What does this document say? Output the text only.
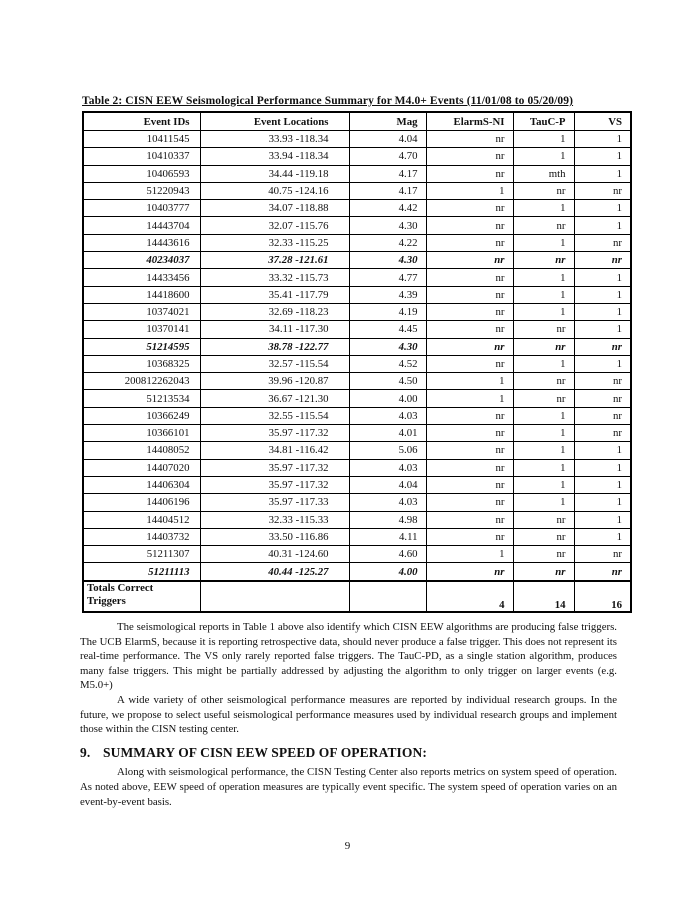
Table 2: CISN EEW Seismological Performance Summary for M4.0+ Events (11/01/08 to 05/20/09)
Event IDs	Event Locations	Mag	ElarmS-NI	TauC-P	VS
10411545	33.93 -118.34	4.04	nr	1	1
10410337	33.94 -118.34	4.70	nr	1	1
10406593	34.44 -119.18	4.17	nr	mth	1
51220943	40.75 -124.16	4.17	1	nr	nr
10403777	34.07 -118.88	4.42	nr	1	1
14443704	32.07 -115.76	4.30	nr	nr	1
14443616	32.33 -115.25	4.22	nr	1	nr
40234037	37.28 -121.61	4.30	nr	nr	nr
14433456	33.32 -115.73	4.77	nr	1	1
14418600	35.41 -117.79	4.39	nr	1	1
10374021	32.69 -118.23	4.19	nr	1	1
10370141	34.11 -117.30	4.45	nr	nr	1
51214595	38.78 -122.77	4.30	nr	nr	nr
10368325	32.57 -115.54	4.52	nr	1	1
200812262043	39.96 -120.87	4.50	1	nr	nr
51213534	36.67 -121.30	4.00	1	nr	nr
10366249	32.55 -115.54	4.03	nr	1	nr
10366101	35.97 -117.32	4.01	nr	1	nr
14408052	34.81 -116.42	5.06	nr	1	1
14407020	35.97 -117.32	4.03	nr	1	1
14406304	35.97 -117.32	4.04	nr	1	1
14406196	35.97 -117.33	4.03	nr	1	1
14404512	32.33 -115.33	4.98	nr	nr	1
14403732	33.50 -116.86	4.11	nr	nr	1
51211307	40.31 -124.60	4.60	1	nr	nr
51211113	40.44 -125.27	4.00	nr	nr	nr
Totals Correct Triggers			4	14	16

The seismological reports in Table 1 above also identify which CISN EEW algorithms are producing false triggers. The UCB ElarmS, because it is reporting retrospective data, should never produce a false trigger. This does not represent its real-time performance. The VS only rarely reported false triggers. The TauC-PD, as a single station algorithm, produces many false triggers. This might be partially addressed by adjusting the algorithm to only trigger on larger events (e.g. M5.0+)

A wide variety of other seismological performance measures are reported by individual research groups. In the future, we propose to select useful seismological performance measures used by individual research groups and implement those within the CISN testing center.

9. SUMMARY OF CISN EEW SPEED OF OPERATION:

Along with seismological performance, the CISN Testing Center also reports metrics on system speed of operation. As noted above, EEW speed of operation measures are typically event specific. The system speed of operation varies on an event-by-event basis.

9
